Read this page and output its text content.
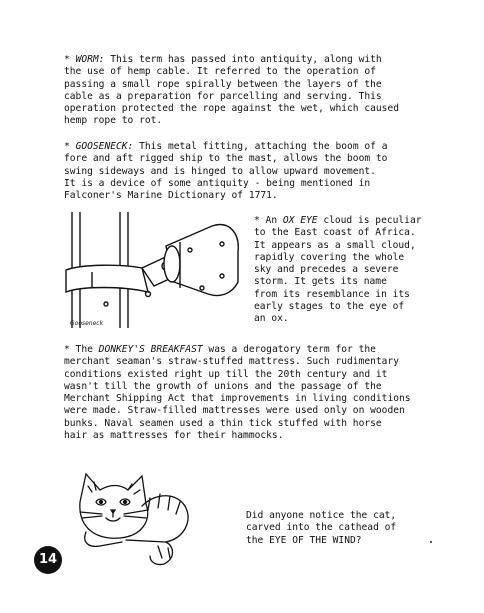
* WORM: This term has passed into antiquity, along with
the use of hemp cable. It referred to the operation of
passing a small rope spirally between the layers of the
cable as a preparation for parcelling and serving. This
operation protected the rope against the wet, which caused
hemp rope to rot.
* GOOSENECK: This metal fitting, attaching the boom of a
fore and aft rigged ship to the mast, allows the boom to
swing sideways and is hinged to allow upward movement.
It is a device of some antiquity - being mentioned in
Falconer's Marine Dictionary of 1771.
Gooseneck
* An OX EYE cloud is peculiar
to the East coast of Africa.
It appears as a small cloud,
rapidly covering the whole
sky and precedes a severe
storm. It gets its name
from its resemblance in its
early stages to the eye of
an ox.
* The DONKEY'S BREAKFAST was a derogatory term for the
merchant seaman's straw-stuffed mattress. Such rudimentary
conditions existed right up till the 20th century and it
wasn't till the growth of unions and the passage of the
Merchant Shipping Act that improvements in living conditions
were made. Straw-filled mattresses were used only on wooden
bunks. Naval seamen used a thin tick stuffed with horse
hair as mattresses for their hammocks.
Did anyone notice the cat,
carved into the cathead of
the EYE OF THE WIND?
14
